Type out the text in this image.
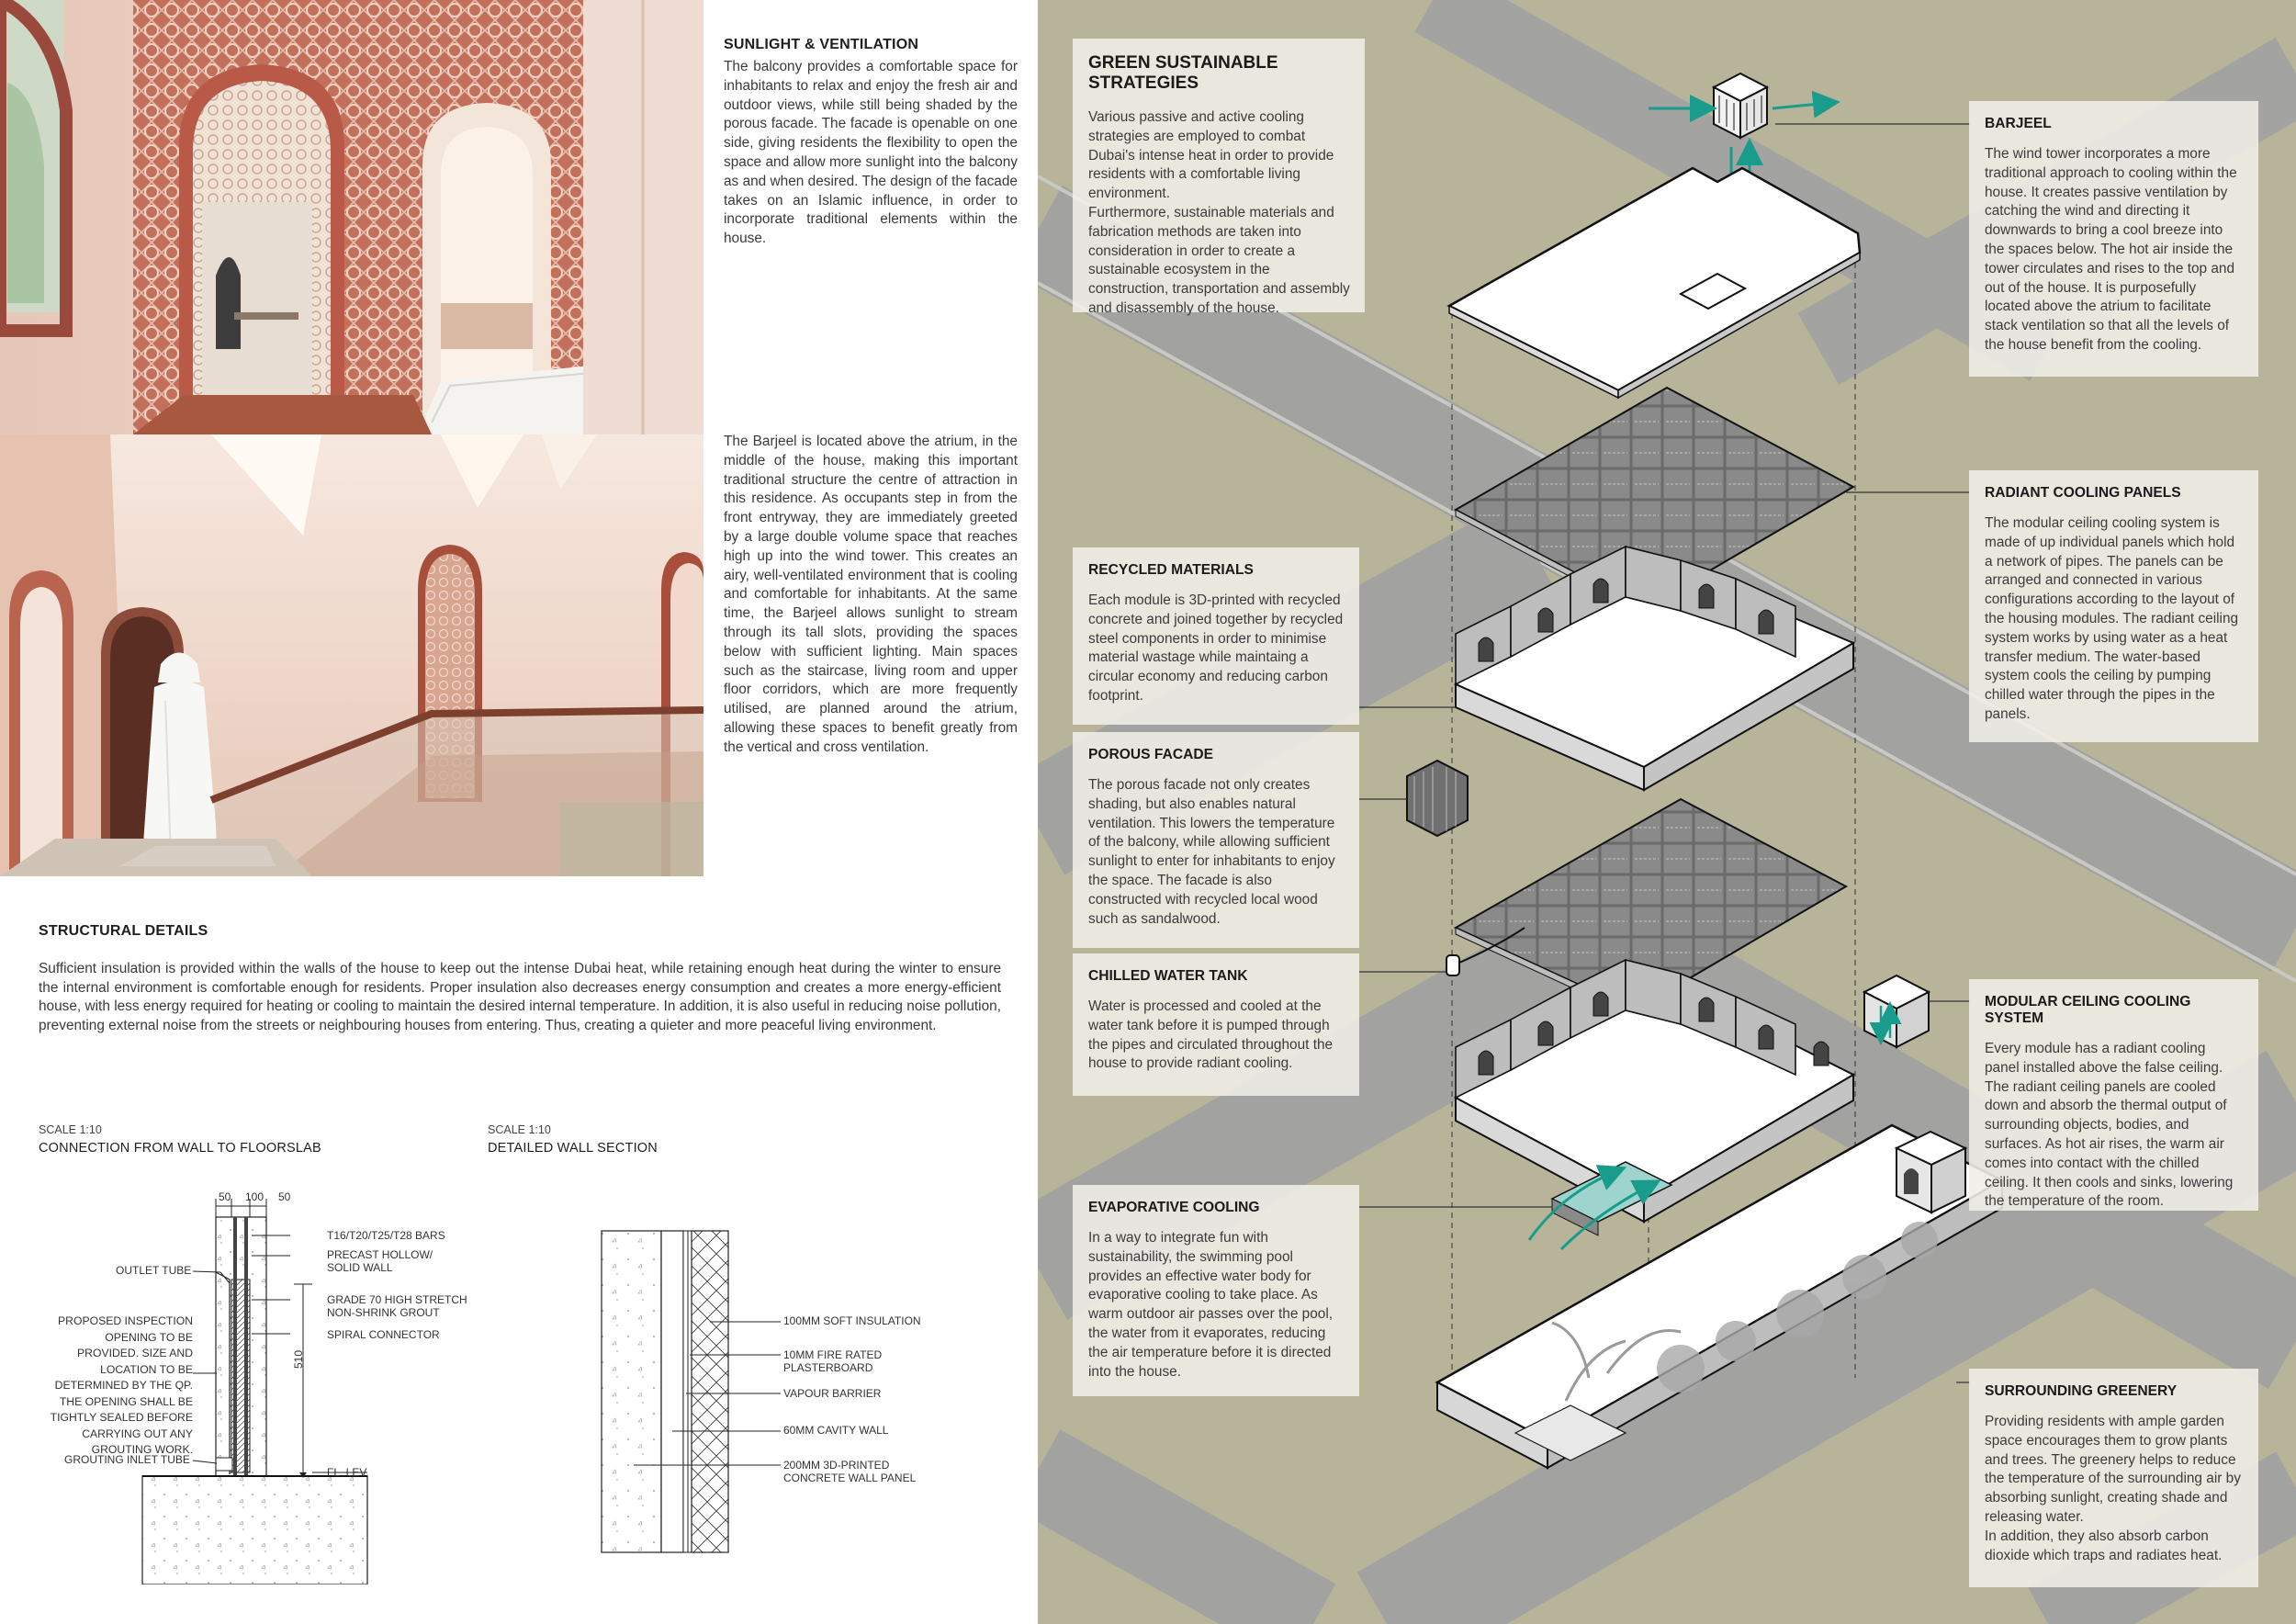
SUNLIGHT & VENTILATION
The balcony provides a comfortable space for inhabitants to relax and enjoy the fresh air and outdoor views, while still being shaded by the porous facade. The facade is openable on one side, giving residents the flexibility to open the space and allow more sunlight into the balcony as and when desired. The design of the facade takes on an Islamic influence, in order to incorporate traditional elements within the house.
The Barjeel is located above the atrium, in the middle of the house, making this important traditional structure the centre of attraction in this residence. As occupants step in from the front entryway, they are immediately greeted by a large double volume space that reaches high up into the wind tower. This creates an airy, well-ventilated environment that is cooling and comfortable for inhabitants. At the same time, the Barjeel allows sunlight to stream through its tall slots, providing the spaces below with sufficient lighting. Main spaces such as the staircase, living room and upper floor corridors, which are more frequently utilised, are planned around the atrium, allowing these spaces to benefit greatly from the vertical and cross ventilation.
STRUCTURAL DETAILS
Sufficient insulation is provided within the walls of the house to keep out the intense Dubai heat, while retaining enough heat during the winter to ensure the internal environment is comfortable enough for residents. Proper insulation also decreases energy consumption and creates a more energy-efficient house, with less energy required for heating or cooling to maintain the desired internal temperature. In addition, it is also useful in reducing noise pollution, preventing external noise from the streets or neighbouring houses from entering. Thus, creating a quieter and more peaceful living environment.
SCALE 1:10
CONNECTION FROM WALL TO FLOORSLAB
50 100 50
510
T16/T20/T25/T28 BARS
PRECAST HOLLOW/
SOLID WALL
GRADE 70 HIGH STRETCH
NON-SHRINK GROUT
SPIRAL CONNECTOR
FL. LEV.
OUTLET TUBE
PROPOSED INSPECTION OPENING TO BE PROVIDED. SIZE AND LOCATION TO BE DETERMINED BY THE QP. THE OPENING SHALL BE TIGHTLY SEALED BEFORE CARRYING OUT ANY GROUTING WORK.
GROUTING INLET TUBE
SCALE 1:10
DETAILED WALL SECTION
100MM SOFT INSULATION
10MM FIRE RATED
PLASTERBOARD
VAPOUR BARRIER
60MM CAVITY WALL
200MM 3D-PRINTED
CONCRETE WALL PANEL
GREEN SUSTAINABLE STRATEGIES
Various passive and active cooling strategies are employed to combat Dubai's intense heat in order to provide residents with a comfortable living environment.
Furthermore, sustainable materials and fabrication methods are taken into consideration in order to create a sustainable ecosystem in the construction, transportation and assembly and disassembly of the house.
BARJEEL
The wind tower incorporates a more traditional approach to cooling within the house. It creates passive ventilation by catching the wind and directing it downwards to bring a cool breeze into the spaces below. The hot air inside the tower circulates and rises to the top and out of the house. It is purposefully located above the atrium to facilitate stack ventilation so that all the levels of the house benefit from the cooling.
RADIANT COOLING PANELS
The modular ceiling cooling system is made of up individual panels which hold a network of pipes. The panels can be arranged and connected in various configurations according to the layout of the housing modules. The radiant ceiling system works by using water as a heat transfer medium. The water-based system cools the ceiling by pumping chilled water through the pipes in the panels.
RECYCLED MATERIALS
Each module is 3D-printed with recycled concrete and joined together by recycled steel components in order to minimise material wastage while maintaing a circular economy and reducing carbon footprint.
POROUS FACADE
The porous facade not only creates shading, but also enables natural ventilation. This lowers the temperature of the balcony, while allowing sufficient sunlight to enter for inhabitants to enjoy the space. The facade is also constructed with recycled local wood such as sandalwood.
CHILLED WATER TANK
Water is processed and cooled at the water tank before it is pumped through the pipes and circulated throughout the house to provide radiant cooling.
MODULAR CEILING COOLING SYSTEM
Every module has a radiant cooling panel installed above the false ceiling. The radiant ceiling panels are cooled down and absorb the thermal output of surrounding objects, bodies, and surfaces. As hot air rises, the warm air comes into contact with the chilled ceiling. It then cools and sinks, lowering the temperature of the room.
EVAPORATIVE COOLING
In a way to integrate fun with sustainability, the swimming pool provides an effective water body for evaporative cooling to take place. As warm outdoor air passes over the pool, the water from it evaporates, reducing the air temperature before it is directed into the house.
SURROUNDING GREENERY
Providing residents with ample garden space encourages them to grow plants and trees. The greenery helps to reduce the temperature of the surrounding air by absorbing sunlight, creating shade and releasing water.
In addition, they also absorb carbon dioxide which traps and radiates heat.
